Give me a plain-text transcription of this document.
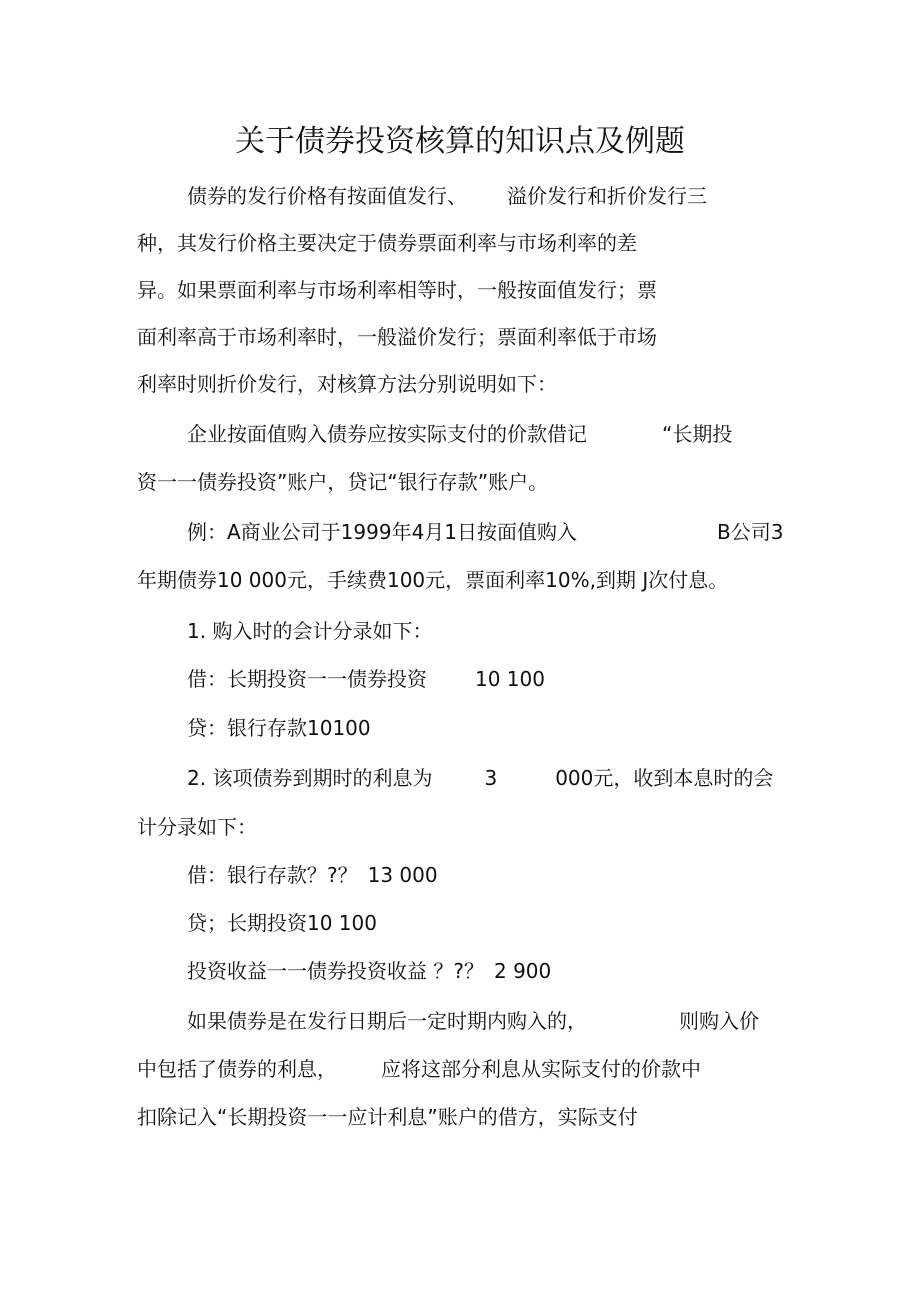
关于债券投资核算的知识点及例题
债券的发行价格有按面值发行、 溢价发行和折价发行三
种，其发行价格主要决定于债券票面利率与市场利率的差
异。如果票面利率与市场利率相等时，一般按面值发行；票
面利率高于市场利率时，一般溢价发行；票面利率低于市场
利率时则折价发行，对核算方法分别说明如下：
企业按面值购入债券应按实际支付的价款借记	“长期投
资一一债券投资”账户，贷记“银行存款”账户。
例：A商业公司于1999年4月1日按面值购入	B公司3
年期债券10 000元，手续费100元，票面利率10%,到期 J次付息。
1. 购入时的会计分录如下：
借：长期投资一一债券投资 10 100
贷：银行存款10100
2. 该项债券到期时的利息为	3	000元，收到本息时的会
计分录如下：
借：银行存款？?？ 13 000
贷；长期投资10 100
投资收益一一债券投资收益 ？?？ 2 900
如果债券是在发行日期后一定时期内购入的，	则购入价
中包括了债券的利息， 应将这部分利息从实际支付的价款中
扣除记入“长期投资一一应计利息”账户的借方，实际支付
